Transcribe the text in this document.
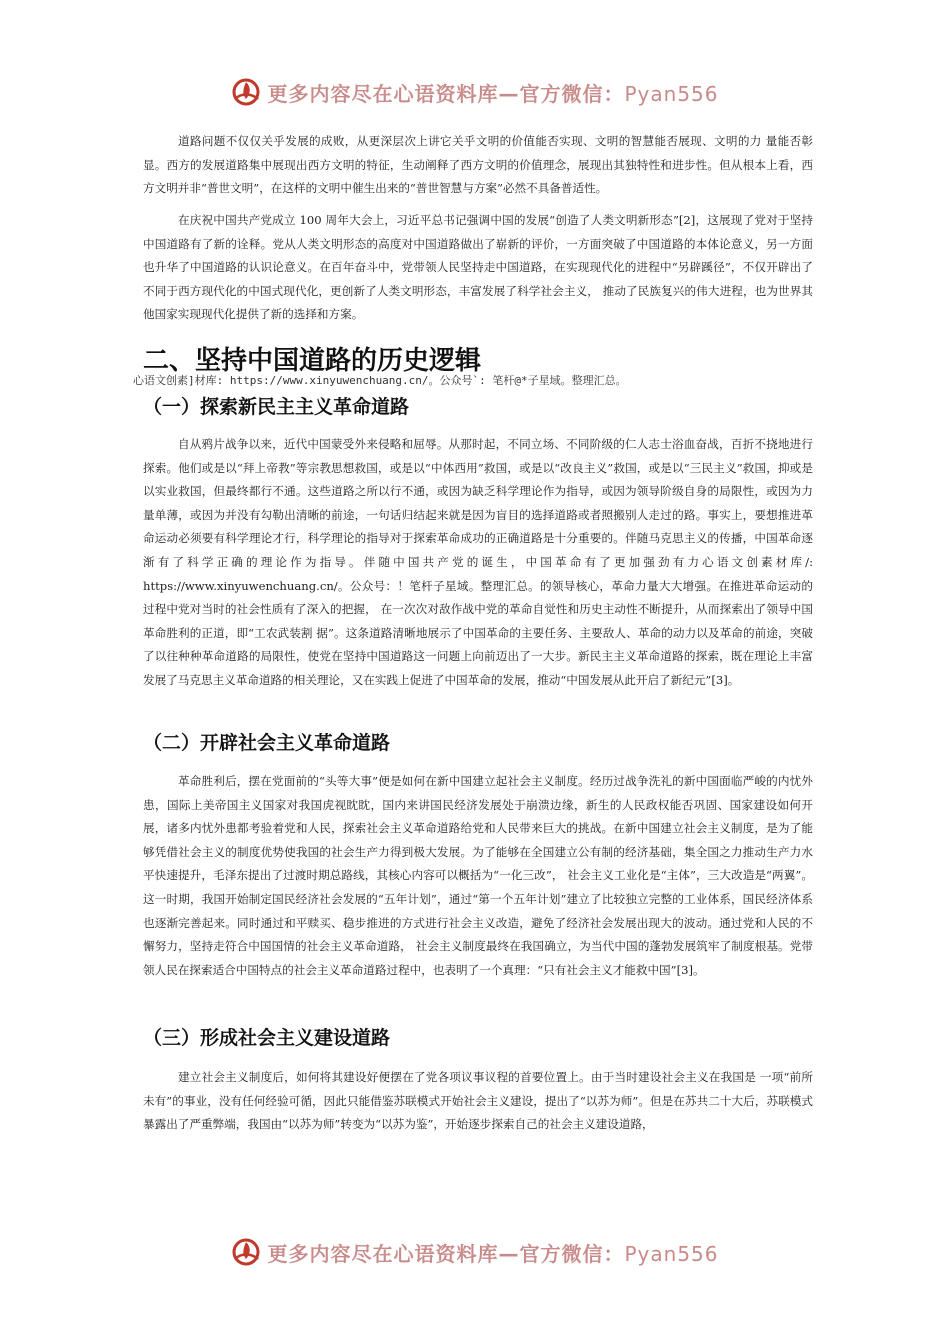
更多内容尽在心语资料库—官方微信：Pyan556

道路问题不仅仅关乎发展的成败，从更深层次上讲它关乎文明的价值能否实现、文明的智慧能否展现、文明的力 量能否彰显。西方的发展道路集中展现出西方文明的特征，生动阐释了西方文明的价值理念，展现出其独特性和进步性。但从根本上看，西方文明并非“普世文明”，在这样的文明中催生出来的“普世智慧与方案”必然不具备普适性。

在庆祝中国共产党成立 100 周年大会上，习近平总书记强调中国的发展“创造了人类文明新形态”[2]，这展现了党对于坚持中国道路有了新的诠释。党从人类文明形态的高度对中国道路做出了崭新的评价，一方面突破了中国道路的本体论意义，另一方面也升华了中国道路的认识论意义。在百年奋斗中，党带领人民坚持走中国道路，在实现现代化的进程中“另辟蹊径”，不仅开辟出了不同于西方现代化的中国式现代化，更创新了人类文明形态，丰富发展了科学社会主义， 推动了民族复兴的伟大进程，也为世界其他国家实现现代化提供了新的选择和方案。

二、坚持中国道路的历史逻辑

心语文创素]材库: https://www.xinyuwenchuang.cn/。公众号`: 笔杆@*子星域。整理汇总。

（一）探索新民主主义革命道路

自从鸦片战争以来，近代中国蒙受外来侵略和屈辱。从那时起，不同立场、不同阶级的仁人志士浴血奋战，百折不挠地进行探索。他们或是以“拜上帝教”等宗教思想救国，或是以“中体西用”救国，或是以“改良主义”救国，或是以“三民主义”救国，抑或是以实业救国，但最终都行不通。这些道路之所以行不通，或因为缺乏科学理论作为指导，或因为领导阶级自身的局限性，或因为力量单薄，或因为并没有勾勒出清晰的前途，一句话归结起来就是因为盲目的选择道路或者照搬别人走过的路。事实上，要想推进革命运动必须要有科学理论才行，科学理论的指导对于探索革命成功的正确道路是十分重要的。伴随马克思主义的传播，中国革命逐渐有了科学正确的理论作为指导。伴随中国共产党的诞生，中国革命有了更加强劲有力心语文创素材库/: https://www.xinyuwenchuang.cn/。公众号：！笔杆子星域。整理汇总。的领导核心，革命力量大大增强。在推进革命运动的过程中党对当时的社会性质有了深入的把握， 在一次次对敌作战中党的革命自觉性和历史主动性不断提升，从而探索出了领导中国革命胜利的正道，即“工农武装割 据”。这条道路清晰地展示了中国革命的主要任务、主要敌人、革命的动力以及革命的前途，突破了以往种种革命道路的局限性，使党在坚持中国道路这一问题上向前迈出了一大步。新民主主义革命道路的探索，既在理论上丰富发展了马克思主义革命道路的相关理论，又在实践上促进了中国革命的发展，推动“中国发展从此开启了新纪元”[3]。

（二）开辟社会主义革命道路

革命胜利后，摆在党面前的“头等大事”便是如何在新中国建立起社会主义制度。经历过战争洗礼的新中国面临严峻的内忧外患，国际上美帝国主义国家对我国虎视眈眈，国内来讲国民经济发展处于崩溃边缘，新生的人民政权能否巩固、国家建设如何开展，诸多内忧外患都考验着党和人民，探索社会主义革命道路给党和人民带来巨大的挑战。在新中国建立社会主义制度，是为了能够凭借社会主义的制度优势使我国的社会生产力得到极大发展。为了能够在全国建立公有制的经济基础，集全国之力推动生产力水平快速提升，毛泽东提出了过渡时期总路线，其核心内容可以概括为“一化三改”， 社会主义工业化是“主体”，三大改造是“两翼”。这一时期，我国开始制定国民经济社会发展的“五年计划”，通过“第一个五年计划”建立了比较独立完整的工业体系，国民经济体系也逐渐完善起来。同时通过和平赎买、稳步推进的方式进行社会主义改造，避免了经济社会发展出现大的波动。通过党和人民的不懈努力，坚持走符合中国国情的社会主义革命道路， 社会主义制度最终在我国确立，为当代中国的蓬勃发展筑牢了制度根基。党带领人民在探索适合中国特点的社会主义革命道路过程中，也表明了一个真理：“只有社会主义才能救中国”[3]。

（三）形成社会主义建设道路

建立社会主义制度后，如何将其建设好便摆在了党各项议事议程的首要位置上。由于当时建设社会主义在我国是 一项“前所未有”的事业，没有任何经验可循，因此只能借鉴苏联模式开始社会主义建设，提出了“以苏为师”。但是在苏共二十大后，苏联模式暴露出了严重弊端，我国由“以苏为师”转变为“以苏为鉴”，开始逐步探索自己的社会主义建设道路，

更多内容尽在心语资料库—官方微信：Pyan556
